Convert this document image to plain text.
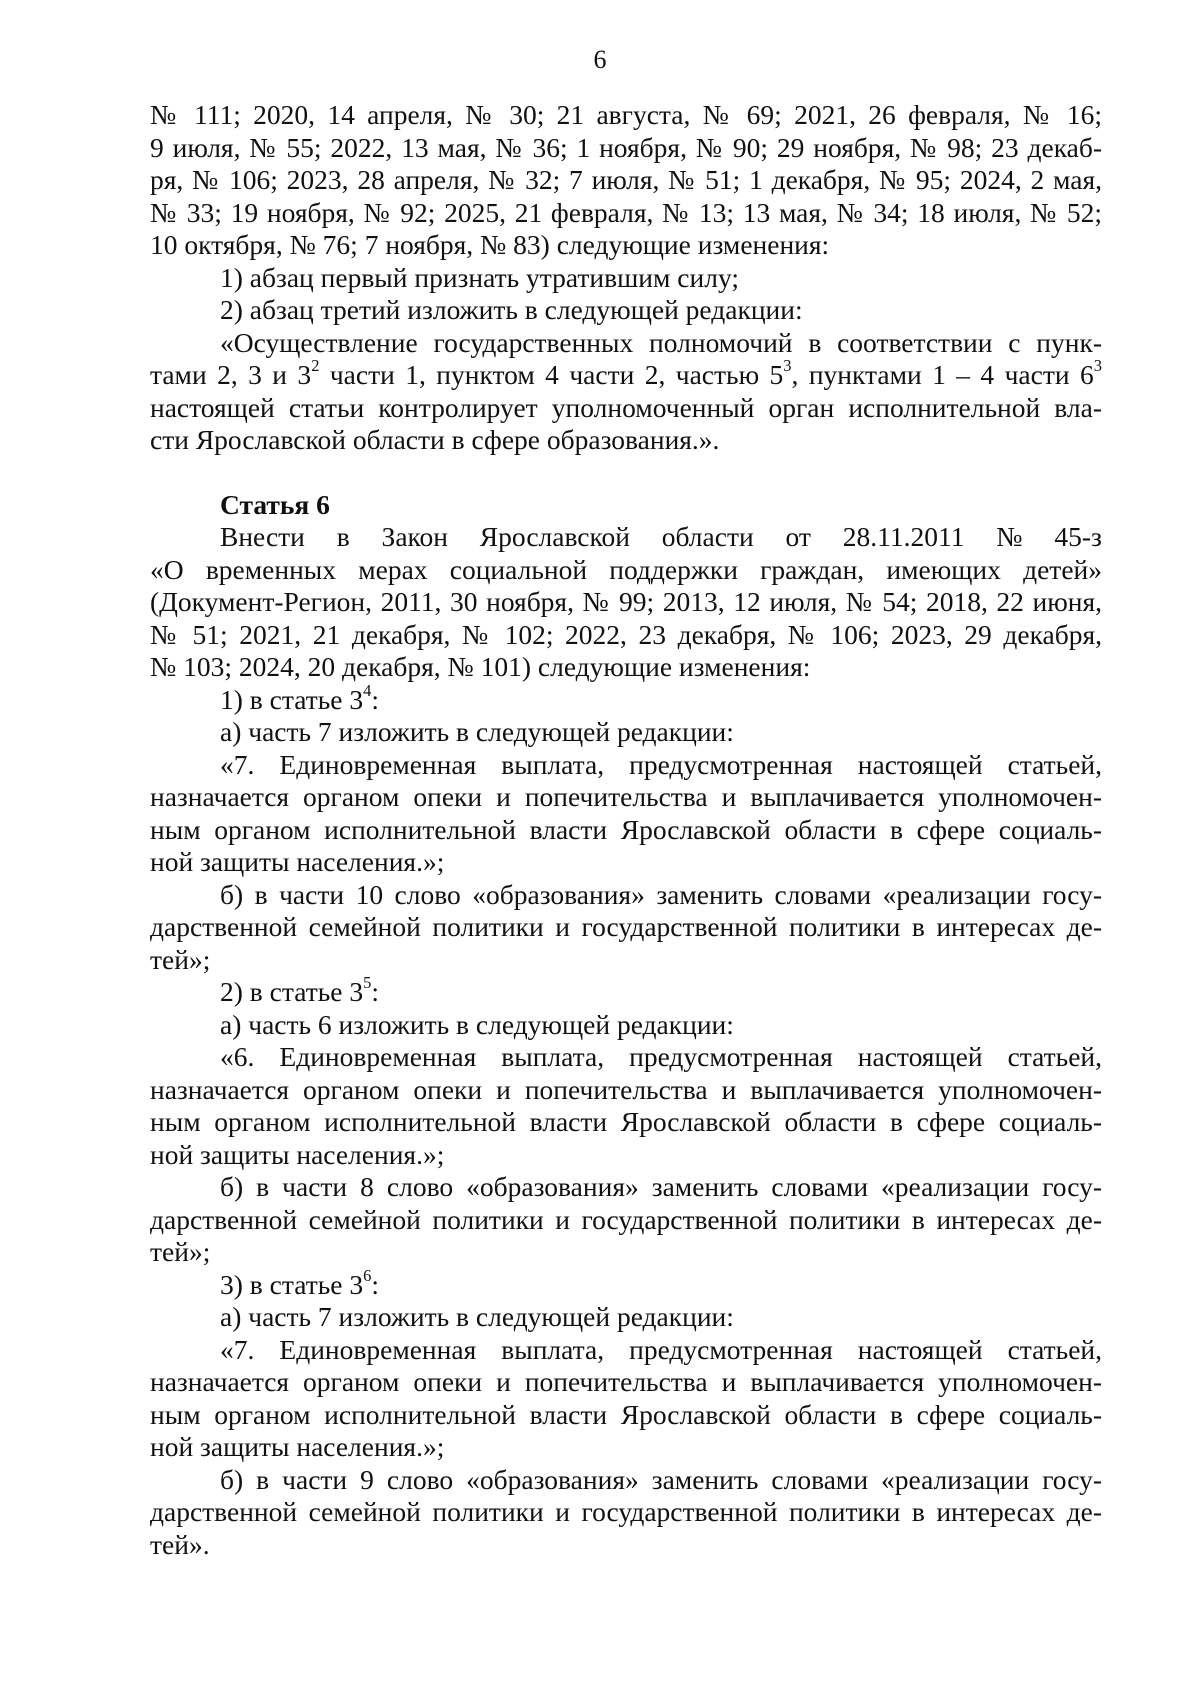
6
№ 111; 2020, 14 апреля, № 30; 21 августа, № 69; 2021, 26 февраля, № 16;
9 июля, № 55; 2022, 13 мая, № 36; 1 ноября, № 90; 29 ноября, № 98; 23 декаб-
ря, № 106; 2023, 28 апреля, № 32; 7 июля, № 51; 1 декабря, № 95; 2024, 2 мая,
№ 33; 19 ноября, № 92; 2025, 21 февраля, № 13; 13 мая, № 34; 18 июля, № 52;
10 октября, № 76; 7 ноября, № 83) следующие изменения:
1) абзац первый признать утратившим силу;
2) абзац третий изложить в следующей редакции:
«Осуществление государственных полномочий в соответствии с пунк-
тами 2, 3 и $3^2$ части 1, пунктом 4 части 2, частью $5^3$, пунктами 1 – 4 части $6^3$
настоящей статьи контролирует уполномоченный орган исполнительной вла-
сти Ярославской области в сфере образования.».
Статья 6
Внести в Закон Ярославской области от 28.11.2011 № 45-з
«О временных мерах социальной поддержки граждан, имеющих детей»
(Документ-Регион, 2011, 30 ноября, № 99; 2013, 12 июля, № 54; 2018, 22 июня,
№ 51; 2021, 21 декабря, № 102; 2022, 23 декабря, № 106; 2023, 29 декабря,
№ 103; 2024, 20 декабря, № 101) следующие изменения:
1) в статье $3^4$:
а) часть 7 изложить в следующей редакции:
«7. Единовременная выплата, предусмотренная настоящей статьей,
назначается органом опеки и попечительства и выплачивается уполномочен-
ным органом исполнительной власти Ярославской области в сфере социаль-
ной защиты населения.»;
б) в части 10 слово «образования» заменить словами «реализации госу-
дарственной семейной политики и государственной политики в интересах де-
тей»;
2) в статье $3^5$:
а) часть 6 изложить в следующей редакции:
«6. Единовременная выплата, предусмотренная настоящей статьей,
назначается органом опеки и попечительства и выплачивается уполномочен-
ным органом исполнительной власти Ярославской области в сфере социаль-
ной защиты населения.»;
б) в части 8 слово «образования» заменить словами «реализации госу-
дарственной семейной политики и государственной политики в интересах де-
тей»;
3) в статье $3^6$:
а) часть 7 изложить в следующей редакции:
«7. Единовременная выплата, предусмотренная настоящей статьей,
назначается органом опеки и попечительства и выплачивается уполномочен-
ным органом исполнительной власти Ярославской области в сфере социаль-
ной защиты населения.»;
б) в части 9 слово «образования» заменить словами «реализации госу-
дарственной семейной политики и государственной политики в интересах де-
тей».
